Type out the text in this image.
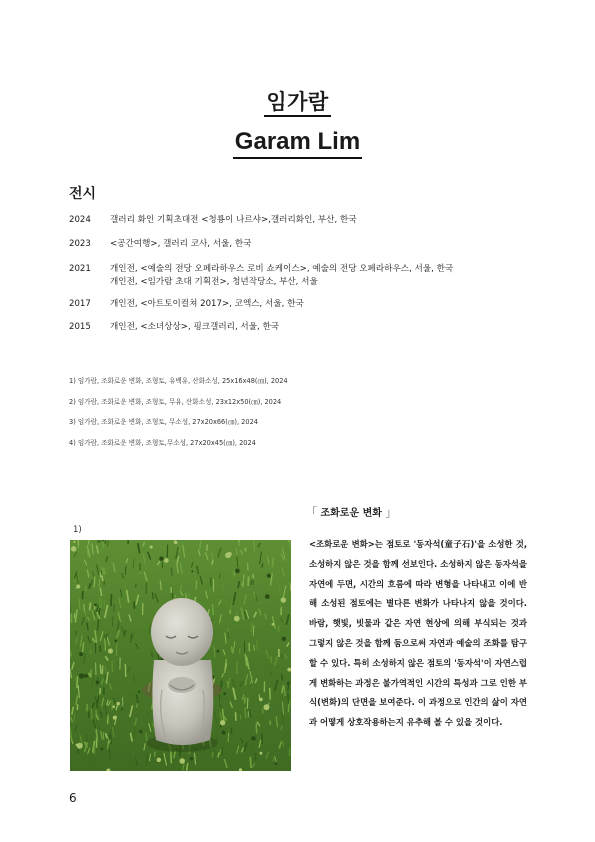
임가람
Garam Lim
전시
2024	갤러리 화인 기획초대전 <청룡이 나르샤>,갤러리화인, 부산, 한국
2023	<공간여행>, 갤러리 코사, 서울, 한국
2021	개인전, <예술의 전당 오페라하우스 로비 쇼케이스>, 예술의 전당 오페라하우스, 서울, 한국
개인전, <임가람 초대 기획전>, 청년작당소, 부산, 서울
2017	개인전, <아트토이컬쳐 2017>, 코엑스, 서울, 한국
2015	개인전, <소녀상상>, 핑크갤러리, 서울, 한국
1) 임가람, 조화로운 변화, 조형토, 유백유, 산화소성, 25x16x48(㎝), 2024
2) 임가람, 조화로운 변화, 조형토, 무유, 산화소성, 23x12x50(㎝), 2024
3) 임가람, 조화로운 변화, 조형토, 무소성, 27x20x66(㎝), 2024
4) 임가람, 조화로운 변화, 조형토,무소성, 27x20x45(㎝), 2024
1)
「 조화로운 변화 」
<조화로운 변화>는 점토로 '동자석(童子石)'을 소성한 것, 소성하지 않은 것을 함께 선보인다. 소성하지 않은 동자석을 자연에 두면, 시간의 흐름에 따라 변형을 나타내고 이에 반해 소성된 점토에는 별다른 변화가 나타나지 않을 것이다. 바람, 햇빛, 빗물과 같은 자연 현상에 의해 부식되는 것과 그렇지 않은 것을 함께 둠으로써 자연과 예술의 조화를 탐구할 수 있다. 특히 소성하지 않은 점토의 '동자석'이 자연스럽게 변화하는 과정은 불가역적인 시간의 특성과 그로 인한 부식(변화)의 단면을 보여준다. 이 과정으로 인간의 삶이 자연과 어떻게 상호작용하는지 유추해 볼 수 있을 것이다.
6
